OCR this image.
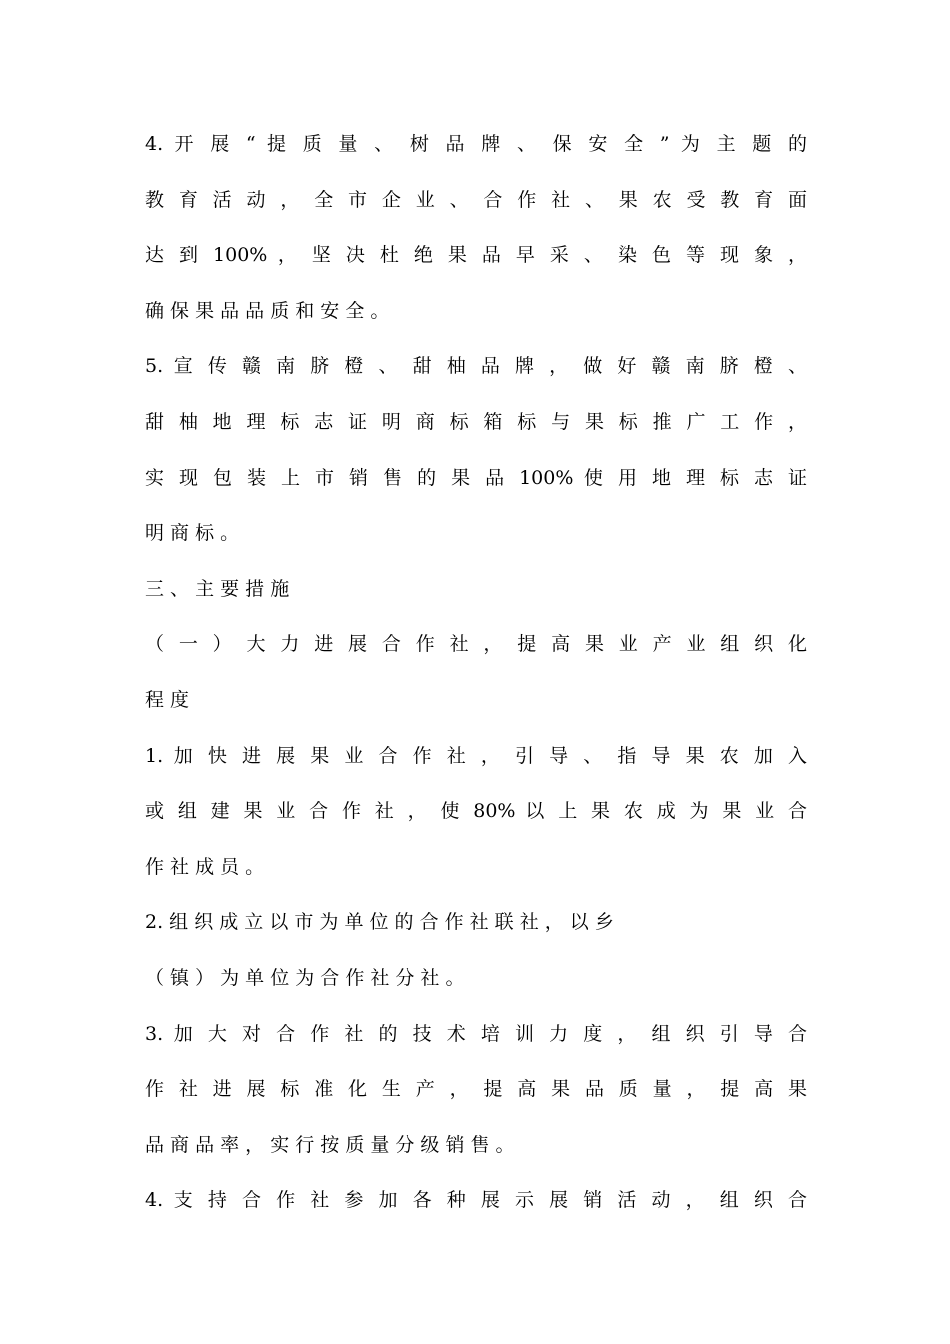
4. 开 展 “ 提 质 量 、 树 品 牌 、 保 安 全 ” 为 主 题 的
教 育 活 动 ， 全 市 企 业 、 合 作 社 、 果 农 受 教 育 面
达 到 100% ， 坚 决 杜 绝 果 品 早 采 、 染 色 等 现 象 ，
确 保 果 品 品 质 和 安 全 。
5. 宣 传 赣 南 脐 橙 、 甜 柚 品 牌 ， 做 好 赣 南 脐 橙 、
甜 柚 地 理 标 志 证 明 商 标 箱 标 与 果 标 推 广 工 作 ，
实 现 包 装 上 市 销 售 的 果 品 100% 使 用 地 理 标 志 证
明 商 标 。
三 、 主 要 措 施
（ 一 ） 大 力 进 展 合 作 社 ， 提 高 果 业 产 业 组 织 化
程 度
1. 加 快 进 展 果 业 合 作 社 ， 引 导 、 指 导 果 农 加 入
或 组 建 果 业 合 作 社 ， 使 80% 以 上 果 农 成 为 果 业 合
作 社 成 员 。
2. 组 织 成 立 以 市 为 单 位 的 合 作 社 联 社 ， 以 乡
（ 镇 ） 为 单 位 为 合 作 社 分 社 。
3. 加 大 对 合 作 社 的 技 术 培 训 力 度 ， 组 织 引 导 合
作 社 进 展 标 准 化 生 产 ， 提 高 果 品 质 量 ， 提 高 果
品 商 品 率 ， 实 行 按 质 量 分 级 销 售 。
4. 支 持 合 作 社 参 加 各 种 展 示 展 销 活 动 ， 组 织 合
